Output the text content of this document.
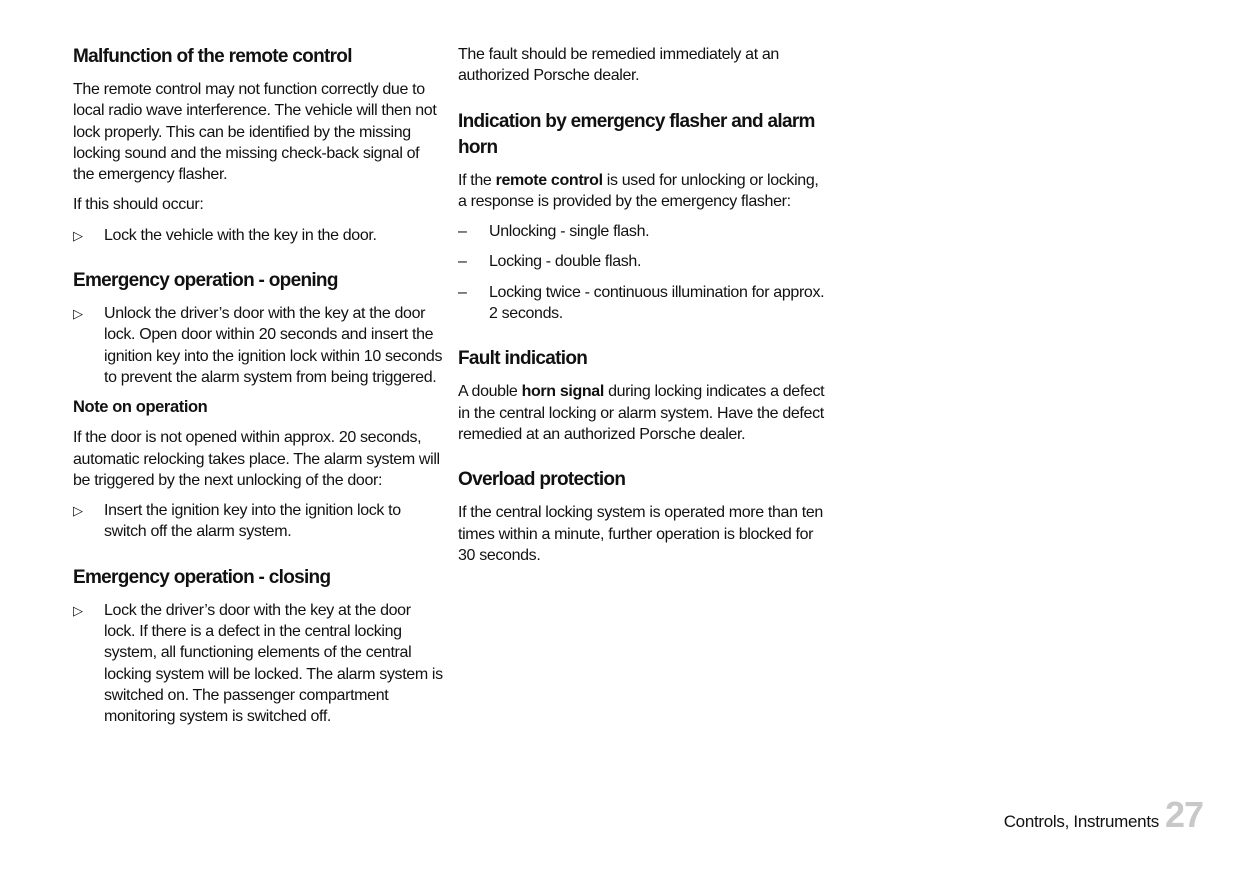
Malfunction of the remote control

The remote control may not function correctly due to local radio wave interference. The vehicle will then not lock properly. This can be identified by the missing locking sound and the missing check-back signal of the emergency flasher.

If this should occur:

▷	Lock the vehicle with the key in the door.
Emergency operation - opening
▷	Unlock the driver’s door with the key at the door lock. Open door within 20 seconds and insert the ignition key into the ignition lock within 10 seconds to prevent the alarm system from being triggered.
Note on operation

If the door is not opened within approx. 20 seconds, automatic relocking takes place. The alarm system will be triggered by the next unlocking of the door:

▷	Insert the ignition key into the ignition lock to switch off the alarm system.
Emergency operation - closing
▷	Lock the driver’s door with the key at the door lock. If there is a defect in the central locking system, all functioning elements of the central locking system will be locked. The alarm system is switched on. The passenger compartment monitoring system is switched off.

The fault should be remedied immediately at an authorized Porsche dealer.

Indication by emergency flasher and alarm horn

If the remote control is used for unlocking or locking, a response is provided by the emergency flasher:

–	Unlocking - single flash.
–	Locking - double flash.
–	Locking twice - continuous illumination for approx. 2 seconds.
Fault indication

A double horn signal during locking indicates a defect in the central locking or alarm system. Have the defect remedied at an authorized Porsche dealer.

Overload protection

If the central locking system is operated more than ten times within a minute, further operation is blocked for 30 seconds.

Controls, Instruments 27
